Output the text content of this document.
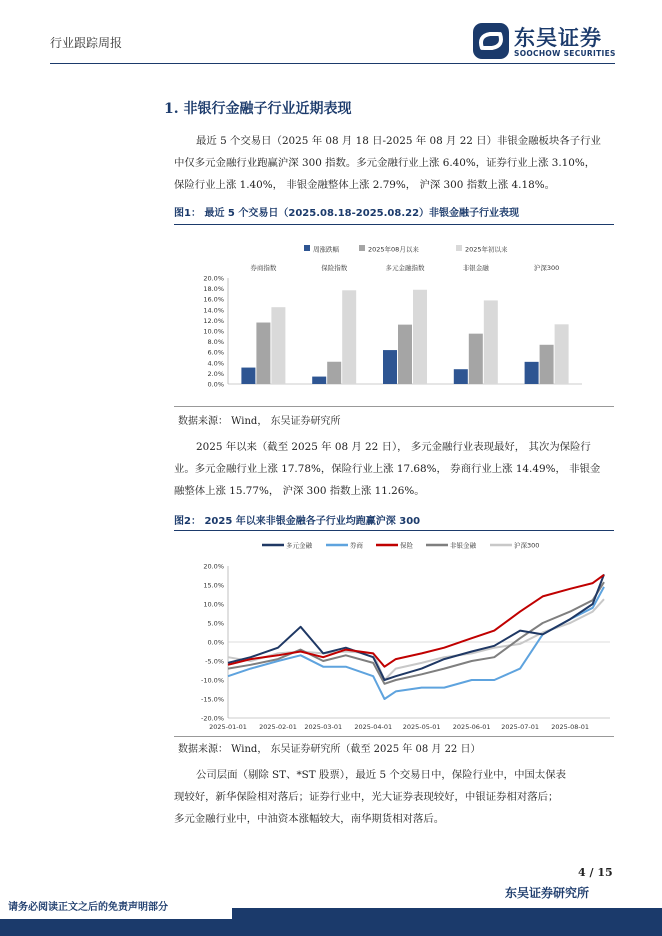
行业跟踪周报	东吴证券
SOOCHOW SECURITIES
1. 非银行金融子行业近期表现
最近 5 个交易日（2025 年 08 月 18 日-2025 年 08 月 22 日）非银金融板块各子行业
中仅多元金融行业跑赢沪深 300 指数。多元金融行业上涨 6.40%，证券行业上涨 3.10%，
保险行业上涨 1.40%， 非银金融整体上涨 2.79%， 沪深 300 指数上涨 4.18%。
图1： 最近 5 个交易日（2025.08.18-2025.08.22）非银金融子行业表现
周涨跌幅	2025年08月以来	2025年初以来
0.0%
2.0%
4.0%
6.0%
8.0%
10.0%
12.0%
14.0%
16.0%
18.0%
20.0%
券商指数	保险指数	多元金融指数	非银金融	沪深300
数据来源： Wind， 东吴证券研究所
2025 年以来（截至 2025 年 08 月 22 日）， 多元金融行业表现最好， 其次为保险行
业。多元金融行业上涨 17.78%，保险行业上涨 17.68%， 券商行业上涨 14.49%， 非银金
融整体上涨 15.77%， 沪深 300 指数上涨 11.26%。
图2： 2025 年以来非银金融各子行业均跑赢沪深 300
多元金融	券商	保险	非银金融	沪深300
-20.0%
-15.0%
-10.0%
-5.0%
0.0%
5.0%
10.0%
15.0%
20.0%
2025-01-01 2025-02-01 2025-03-01 2025-04-01 2025-05-01 2025-06-01 2025-07-01 2025-08-01
数据来源： Wind， 东吴证券研究所（截至 2025 年 08 月 22 日）
公司层面（剔除 ST、*ST 股票），最近 5 个交易日中，保险行业中，中国太保表
现较好，新华保险相对落后；证券行业中，光大证券表现较好，中银证券相对落后；
多元金融行业中，中油资本涨幅较大，南华期货相对落后。
4 / 15
请务必阅读正文之后的免责声明部分
东吴证券研究所
